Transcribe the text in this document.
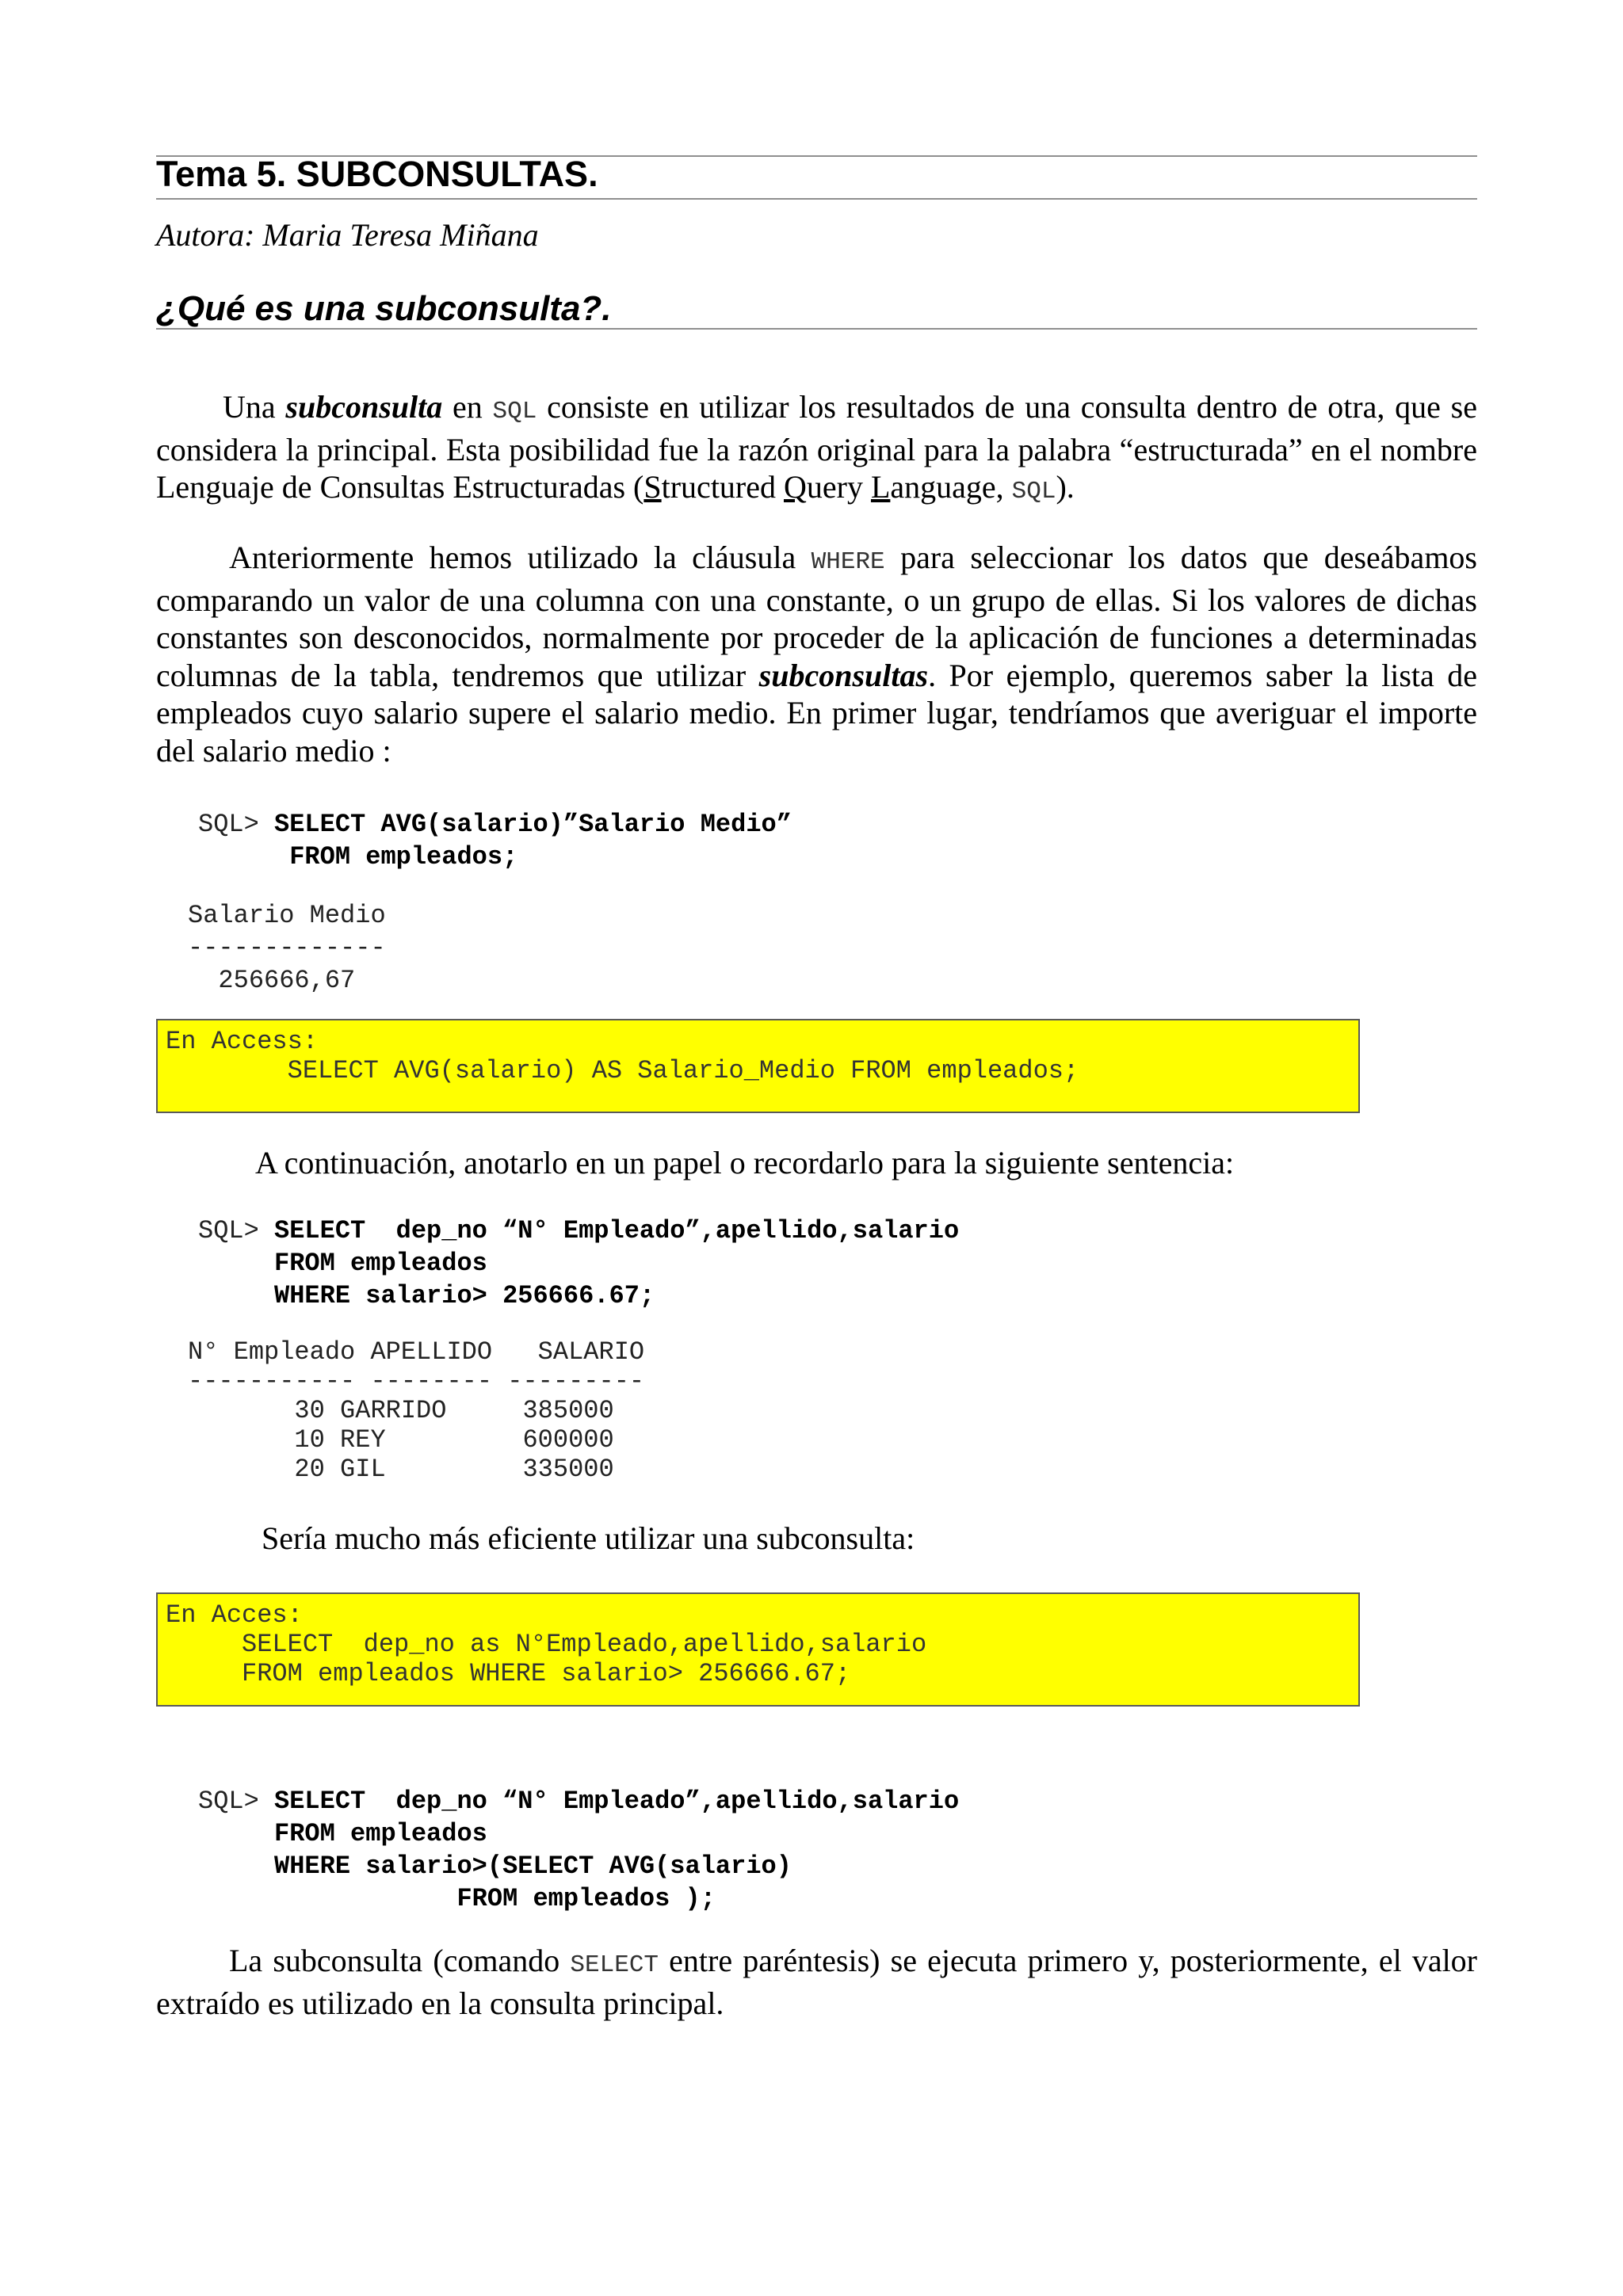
Tema 5. SUBCONSULTAS.

Autora: Maria Teresa Miñana

¿Qué es una subconsulta?.

Una subconsulta en SQL consiste en utilizar los resultados de una consulta dentro de otra, que se considera la principal. Esta posibilidad fue la razón original para la palabra “estructurada” en el nombre Lenguaje de Consultas Estructuradas (Structured Query Language, SQL).

Anteriormente hemos utilizado la cláusula WHERE para seleccionar los datos que deseábamos comparando un valor de una columna con una constante, o un grupo de ellas. Si los valores de dichas constantes son desconocidos, normalmente por proceder de la aplicación de funciones a determinadas columnas de la tabla, tendremos que utilizar subconsultas. Por ejemplo, queremos saber la lista de empleados cuyo salario supere el salario medio. En primer lugar, tendríamos que averiguar el importe del salario medio :

SQL> SELECT AVG(salario)”Salario Medio”
FROM empleados;
Salario Medio
-------------
256666,67
En Access:
SELECT AVG(salario) AS Salario_Medio FROM empleados;

A continuación, anotarlo en un papel o recordarlo para la siguiente sentencia:

SQL> SELECT  dep_no “N° Empleado”,apellido,salario
FROM empleados
WHERE salario> 256666.67;
N° Empleado APELLIDO   SALARIO
----------- -------- ---------
30 GARRIDO     385000
10 REY         600000
20 GIL         335000

Sería mucho más eficiente utilizar una subconsulta:

En Acces:
SELECT  dep_no as N°Empleado,apellido,salario
FROM empleados WHERE salario> 256666.67;
SQL> SELECT  dep_no “N° Empleado”,apellido,salario
FROM empleados
WHERE salario>(SELECT AVG(salario)
FROM empleados );

La subconsulta (comando SELECT entre paréntesis) se ejecuta primero y, posteriormente, el valor extraído es utilizado en la consulta principal.
